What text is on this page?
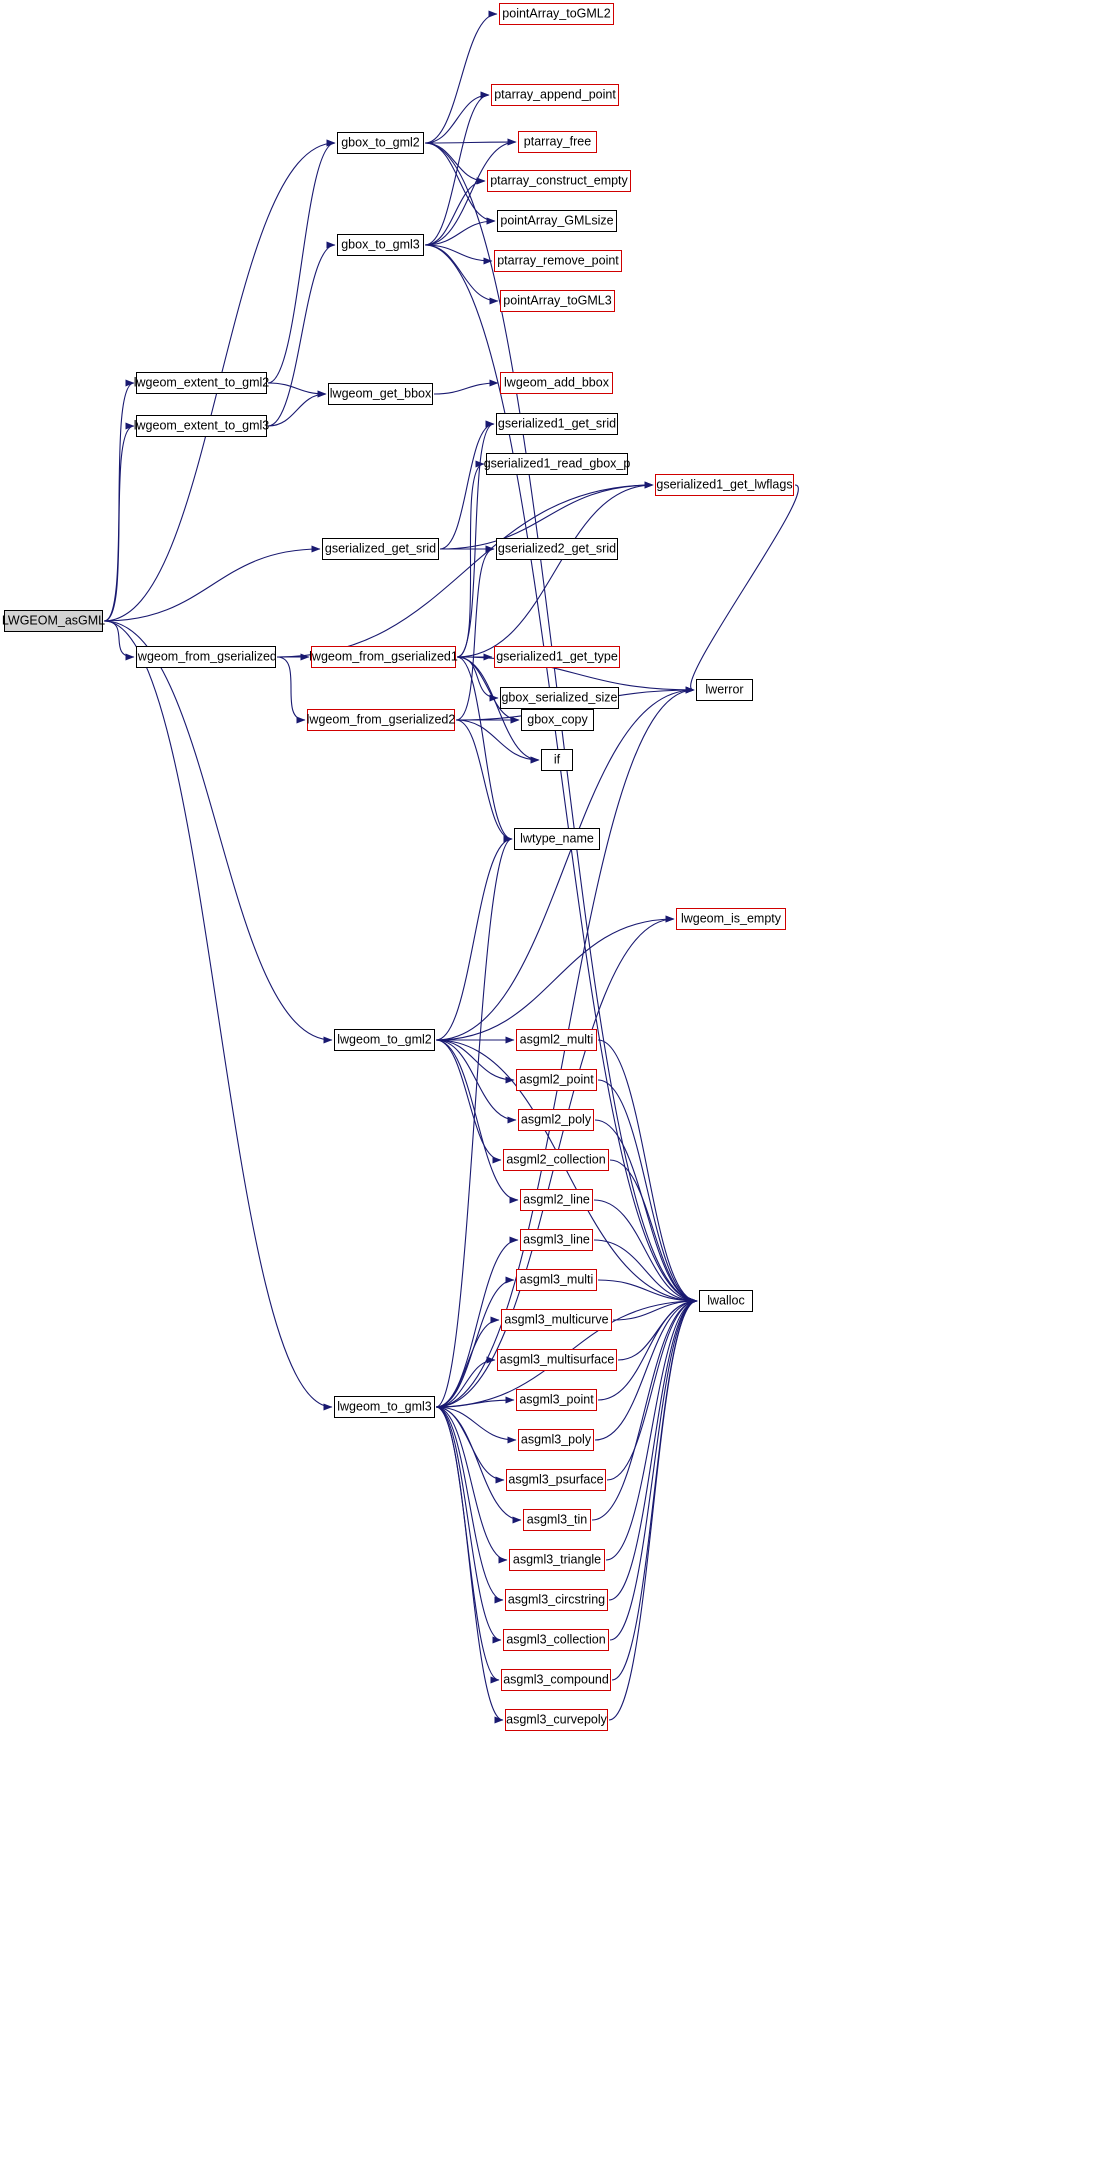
LWGEOM_asGML
lwgeom_extent_to_gml2
lwgeom_extent_to_gml3
lwgeom_from_gserialized
gbox_to_gml2
gbox_to_gml3
lwgeom_get_bbox
gserialized_get_srid
lwgeom_from_gserialized1
lwgeom_from_gserialized2
lwgeom_to_gml2
lwgeom_to_gml3
pointArray_toGML2
ptarray_append_point
ptarray_free
ptarray_construct_empty
pointArray_GMLsize
ptarray_remove_point
pointArray_toGML3
lwgeom_add_bbox
gserialized1_get_srid
gserialized1_read_gbox_p
gserialized2_get_srid
gserialized1_get_type
gbox_serialized_size
gbox_copy
if
lwtype_name
gserialized1_get_lwflags
lwerror
lwgeom_is_empty
lwalloc
asgml2_multi
asgml2_point
asgml2_poly
asgml2_collection
asgml2_line
asgml3_line
asgml3_multi
asgml3_multicurve
asgml3_multisurface
asgml3_point
asgml3_poly
asgml3_psurface
asgml3_tin
asgml3_triangle
asgml3_circstring
asgml3_collection
asgml3_compound
asgml3_curvepoly
